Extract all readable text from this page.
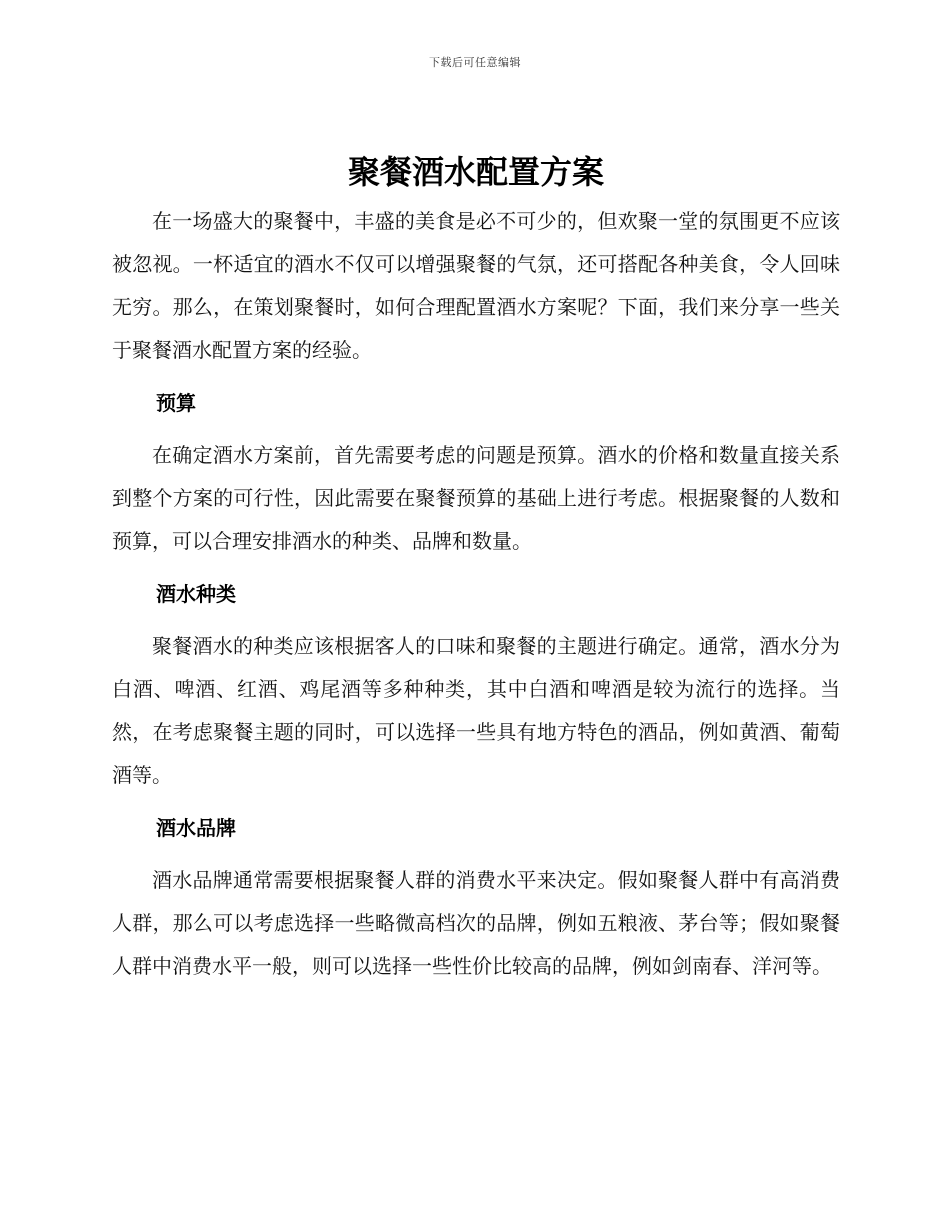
下载后可任意编辑
聚餐酒水配置方案

在一场盛大的聚餐中，丰盛的美食是必不可少的，但欢聚一堂的氛围更不应该被忽视。一杯适宜的酒水不仅可以增强聚餐的气氛，还可搭配各种美食，令人回味无穷。那么，在策划聚餐时，如何合理配置酒水方案呢？下面，我们来分享一些关于聚餐酒水配置方案的经验。

预算

在确定酒水方案前，首先需要考虑的问题是预算。酒水的价格和数量直接关系到整个方案的可行性，因此需要在聚餐预算的基础上进行考虑。根据聚餐的人数和预算，可以合理安排酒水的种类、品牌和数量。

酒水种类

聚餐酒水的种类应该根据客人的口味和聚餐的主题进行确定。通常，酒水分为白酒、啤酒、红酒、鸡尾酒等多种种类，其中白酒和啤酒是较为流行的选择。当然，在考虑聚餐主题的同时，可以选择一些具有地方特色的酒品，例如黄酒、葡萄酒等。

酒水品牌

酒水品牌通常需要根据聚餐人群的消费水平来决定。假如聚餐人群中有高消费人群，那么可以考虑选择一些略微高档次的品牌，例如五粮液、茅台等；假如聚餐人群中消费水平一般，则可以选择一些性价比较高的品牌，例如剑南春、洋河等。
